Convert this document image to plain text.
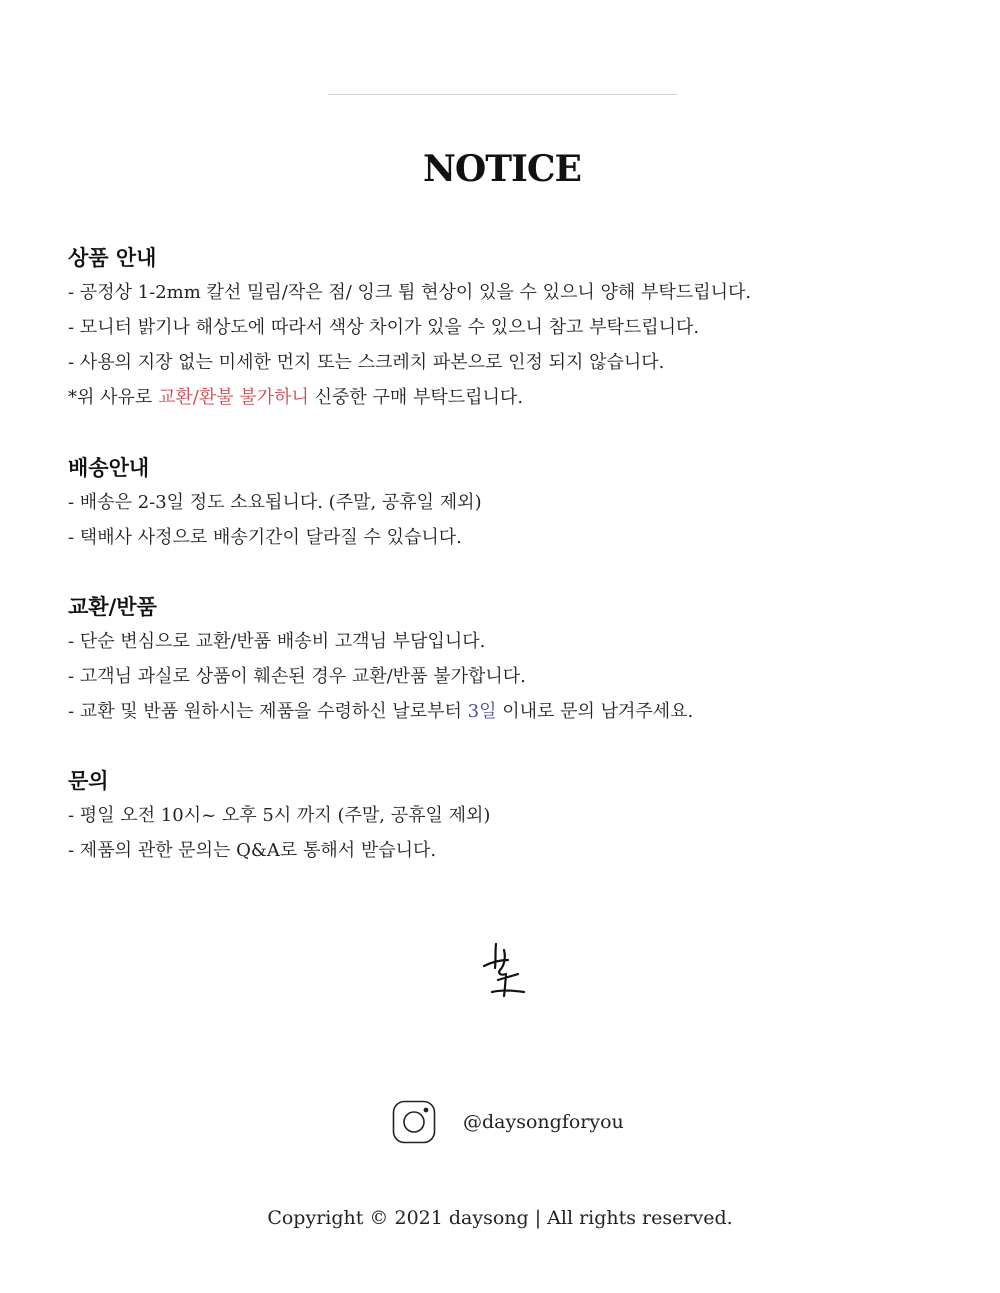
NOTICE
상품 안내
- 공정상 1-2mm 칼선 밀림/작은 점/ 잉크 튐 현상이 있을 수 있으니 양해 부탁드립니다.
- 모니터 밝기나 해상도에 따라서 색상 차이가 있을 수 있으니 참고 부탁드립니다.
- 사용의 지장 없는 미세한 먼지 또는 스크레치 파본으로 인정 되지 않습니다.
*위 사유로 교환/환불 불가하니 신중한 구매 부탁드립니다.
배송안내
- 배송은 2-3일 정도 소요됩니다. (주말, 공휴일 제외)
- 택배사 사정으로 배송기간이 달라질 수 있습니다.
교환/반품
- 단순 변심으로 교환/반품 배송비 고객님 부담입니다.
- 고객님 과실로 상품이 훼손된 경우 교환/반품 불가합니다.
- 교환 및 반품 원하시는 제품을 수령하신 날로부터 3일 이내로 문의 남겨주세요.
문의
- 평일 오전 10시~ 오후 5시 까지 (주말, 공휴일 제외)
- 제품의 관한 문의는 Q&A로 통해서 받습니다.
@daysongforyou
Copyright © 2021 daysong | All rights reserved.
